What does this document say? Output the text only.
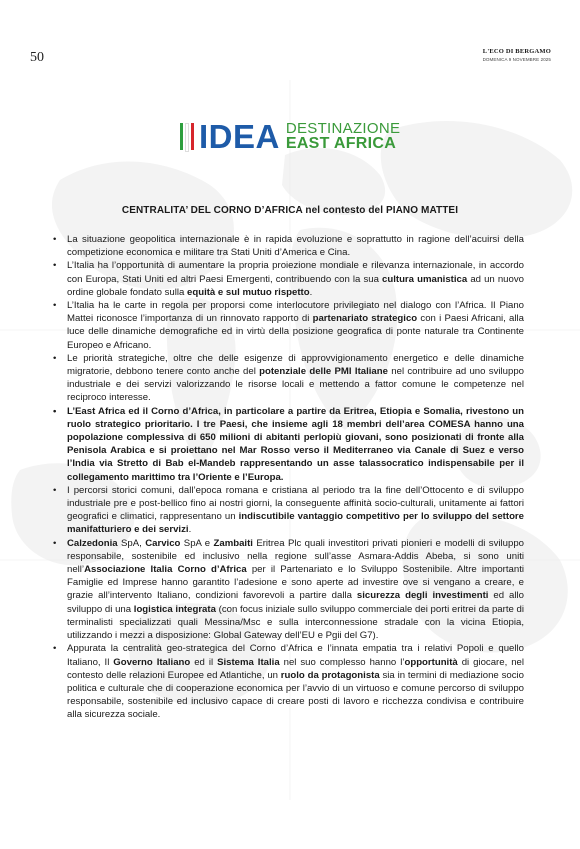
50	L'ECO DI BERGAMO
DOMENICA 9 NOVEMBRE 2025
IDEA DESTINAZIONE
EAST AFRICA
CENTRALITA’ DEL CORNO D’AFRICA nel contesto del PIANO MATTEI
• La situazione geopolitica internazionale è in rapida evoluzione e soprattutto in ragione dell’acuirsi della competizione economica e militare tra Stati Uniti d’America e Cina.
• L’Italia ha l’opportunità di aumentare la propria proiezione mondiale e rilevanza internazionale, in accordo con Europa, Stati Uniti ed altri Paesi Emergenti, contribuendo con la sua cultura umanistica ad un nuovo ordine globale fondato sulla equità e sul mutuo rispetto.
• L’Italia ha le carte in regola per proporsi come interlocutore privilegiato nel dialogo con l’Africa. Il Piano Mattei riconosce l’importanza di un rinnovato rapporto di partenariato strategico con i Paesi Africani, alla luce delle dinamiche demografiche ed in virtù della posizione geografica di ponte naturale tra Continente Europeo e Africano.
• Le priorità strategiche, oltre che delle esigenze di approvvigionamento energetico e delle dinamiche migratorie, debbono tenere conto anche del potenziale delle PMI Italiane nel contribuire ad uno sviluppo industriale e dei servizi valorizzando le risorse locali e mettendo a fattor comune le competenze nel reciproco interesse.
• L’East Africa ed il Corno d’Africa, in particolare a partire da Eritrea, Etiopia e Somalia, rivestono un ruolo strategico prioritario. I tre Paesi, che insieme agli 18 membri dell’area COMESA hanno una popolazione complessiva di 650 milioni di abitanti perlopiù giovani, sono posizionati di fronte alla Penisola Arabica e si proiettano nel Mar Rosso verso il Mediterraneo via Canale di Suez e verso l’India via Stretto di Bab el-Mandeb rappresentando un asse talassocratico indispensabile per il collegamento marittimo tra l’Oriente e l’Europa.
• I percorsi storici comuni, dall’epoca romana e cristiana al periodo tra la fine dell’Ottocento e di sviluppo industriale pre e post-bellico fino ai nostri giorni, la conseguente affinità socio-culturali, unitamente ai fattori geografici e climatici, rappresentano un indiscutibile vantaggio competitivo per lo sviluppo del settore manifatturiero e dei servizi.
• Calzedonia SpA, Carvico SpA e Zambaiti Eritrea Plc quali investitori privati pionieri e modelli di sviluppo responsabile, sostenibile ed inclusivo nella regione sull’asse Asmara-Addis Abeba, si sono uniti nell’Associazione Italia Corno d’Africa per il Partenariato e lo Sviluppo Sostenibile. Altre importanti Famiglie ed Imprese hanno garantito l’adesione e sono aperte ad investire ove si vengano a creare, e grazie all’intervento Italiano, condizioni favorevoli a partire dalla sicurezza degli investimenti ed allo sviluppo di una logistica integrata (con focus iniziale sullo sviluppo commerciale dei porti eritrei da parte di terminalisti specializzati quali Messina/Msc e sulla interconnessione stradale con la vicina Etiopia, utilizzando i mezzi a disposizione: Global Gateway dell’EU e Pgii del G7).
• Appurata la centralità geo-strategica del Corno d’Africa e l’innata empatia tra i relativi Popoli e quello Italiano, Il Governo Italiano ed il Sistema Italia nel suo complesso hanno l’opportunità di giocare, nel contesto delle relazioni Europee ed Atlantiche, un ruolo da protagonista sia in termini di mediazione socio politica e culturale che di cooperazione economica per l’avvio di un virtuoso e comune percorso di sviluppo responsabile, sostenibile ed inclusivo capace di creare posti di lavoro e ricchezza condivisa e contribuire alla sicurezza sociale.
